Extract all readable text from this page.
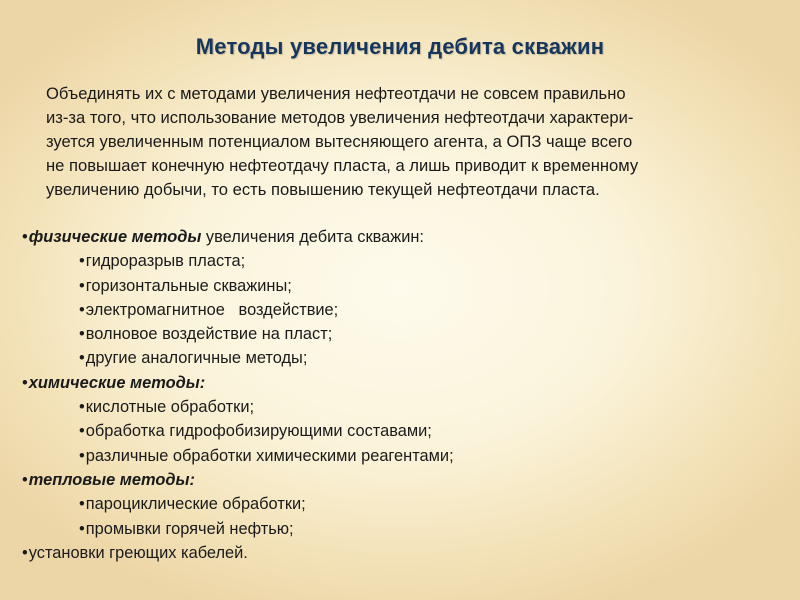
Методы увеличения дебита скважин
Объединять их с методами увеличения нефтеотдачи не совсем правильно
из-за того, что использование методов увеличения нефтеотдачи характери-
зуется увеличенным потенциалом вытесняющего агента, а ОПЗ чаще всего
не повышает конечную нефтеотдачу пласта, а лишь приводит к временному
увеличению добычи, то есть повышению текущей нефтеотдачи пласта.
•физические методы увеличения дебита скважин:
•гидроразрыв пласта;
•горизонтальные скважины;
•электромагнитное   воздействие;
•волновое воздействие на пласт;
•другие аналогичные методы;
•химические методы:
•кислотные обработки;
•обработка гидрофобизирующими составами;
•различные обработки химическими реагентами;
•тепловые методы:
•пароциклические обработки;
•промывки горячей нефтью;
•установки греющих кабелей.
